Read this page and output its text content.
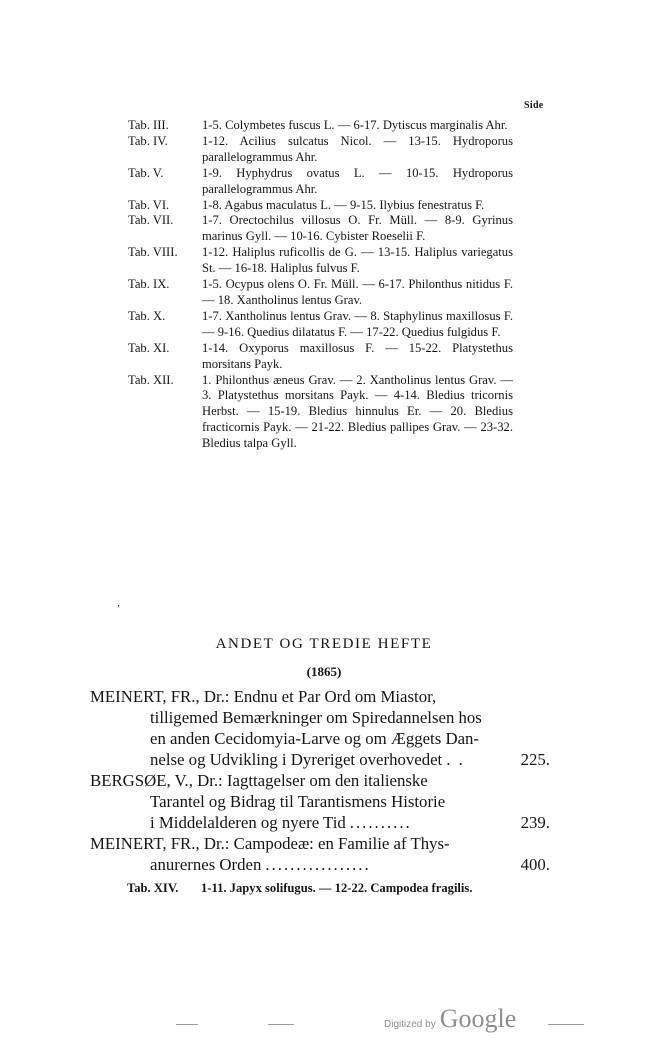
Side
Tab. III.	1-5. Colymbetes fuscus L. — 6-17. Dytiscus marginalis Ahr.
Tab. IV.	1-12. Acilius sulcatus Nicol. — 13-15. Hydroporus parallelogrammus Ahr.
Tab. V.	1-9. Hyphydrus ovatus L. — 10-15. Hydroporus parallelogrammus Ahr.
Tab. VI.	1-8. Agabus maculatus L. — 9-15. Ilybius fenestratus F.
Tab. VII.	1-7. Orectochilus villosus O. Fr. Müll. — 8-9. Gyrinus marinus Gyll. — 10-16. Cybister Roeselii F.
Tab. VIII.	1-12. Haliplus ruficollis de G. — 13-15. Haliplus variegatus St. — 16-18. Haliplus fulvus F.
Tab. IX.	1-5. Ocypus olens O. Fr. Müll. — 6-17. Philonthus nitidus F. — 18. Xantholinus lentus Grav.
Tab. X.	1-7. Xantholinus lentus Grav. — 8. Staphylinus maxillosus F. — 9-16. Quedius dilatatus F. — 17-22. Quedius fulgidus F.
Tab. XI.	1-14. Oxyporus maxillosus F. — 15-22. Platystethus morsitans Payk.
Tab. XII.	1. Philonthus æneus Grav. — 2. Xantholinus lentus Grav. — 3. Platystethus morsitans Payk. — 4-14. Bledius tricornis Herbst. — 15-19. Bledius hinnulus Er. — 20. Bledius fracticornis Payk. — 21-22. Bledius pallipes Grav. — 23-32. Bledius talpa Gyll.
ʽ
ANDET OG TREDIE HEFTE
(1865)
MEINERT, FR., Dr.: Endnu et Par Ord om Miastor,
tilligemed Bemærkninger om Spiredannelsen hos
en anden Cecidomyia-Larve og om Æggets Dan-
nelse og Udvikling i Dyreriget overhovedet . .	225.
BERGSØE, V., Dr.: Iagttagelser om den italienske
Tarantel og Bidrag til Tarantismens Historie
i Middelalderen og nyere Tid ..........	239.
MEINERT, FR., Dr.: Campodeæ: en Familie af Thys-
anurernes Orden .................	400.
Tab. XIV.	1-11. Japyx solifugus. — 12-22. Campodea fragilis.
Digitized by Google
